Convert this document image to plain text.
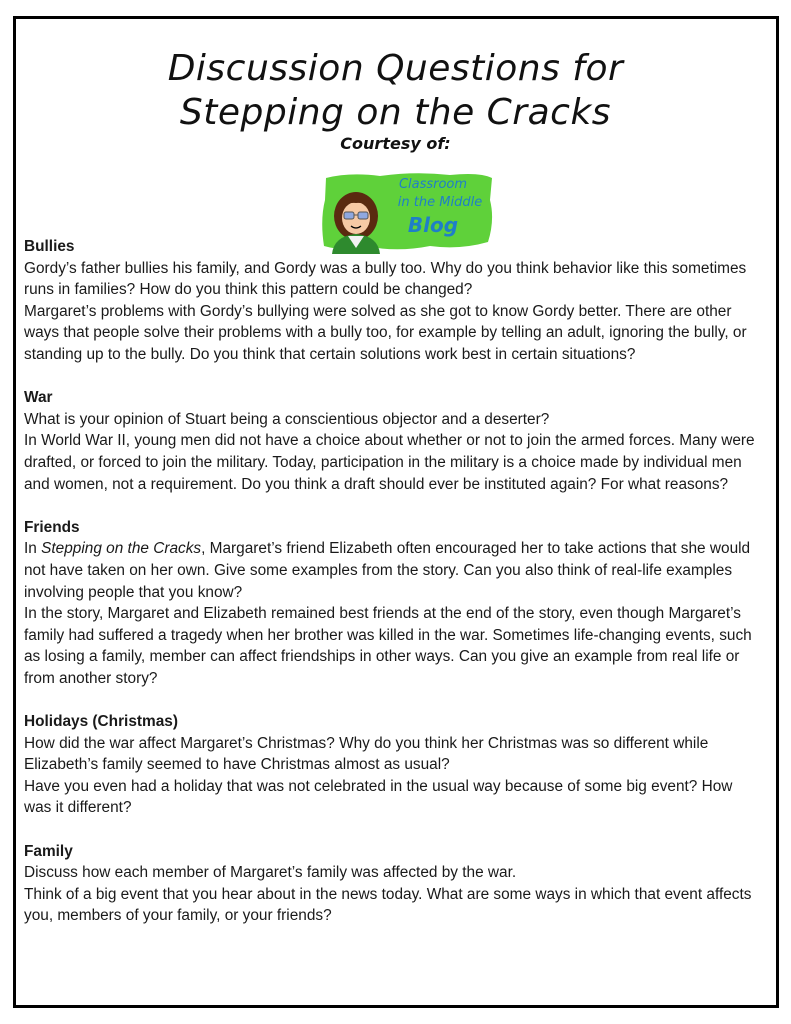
Discussion Questions for
Stepping on the Cracks
Courtesy of:
Classroom
in the Middle
Blog
Bullies
Gordy’s father bullies his family, and Gordy was a bully too. Why do you think behavior like this sometimes runs in families? How do you think this pattern could be changed?
Margaret’s problems with Gordy’s bullying were solved as she got to know Gordy better. There are other ways that people solve their problems with a bully too, for example by telling an adult, ignoring the bully, or standing up to the bully. Do you think that certain solutions work best in certain situations?
War
What is your opinion of Stuart being a conscientious objector and a deserter?
In World War II, young men did not have a choice about whether or not to join the armed forces. Many were drafted, or forced to join the military. Today, participation in the military is a choice made by individual men and women, not a requirement. Do you think a draft should ever be instituted again? For what reasons?
Friends
In Stepping on the Cracks, Margaret’s friend Elizabeth often encouraged her to take actions that she would not have taken on her own. Give some examples from the story. Can you also think of real-life examples involving people that you know?
In the story, Margaret and Elizabeth remained best friends at the end of the story, even though Margaret’s family had suffered a tragedy when her brother was killed in the war. Sometimes life-changing events, such as losing a family, member can affect friendships in other ways. Can you give an example from real life or from another story?
Holidays (Christmas)
How did the war affect Margaret’s Christmas? Why do you think her Christmas was so different while Elizabeth’s family seemed to have Christmas almost as usual?
Have you even had a holiday that was not celebrated in the usual way because of some big event? How was it different?
Family
Discuss how each member of Margaret’s family was affected by the war.
Think of a big event that you hear about in the news today. What are some ways in which that event affects you, members of your family, or your friends?
